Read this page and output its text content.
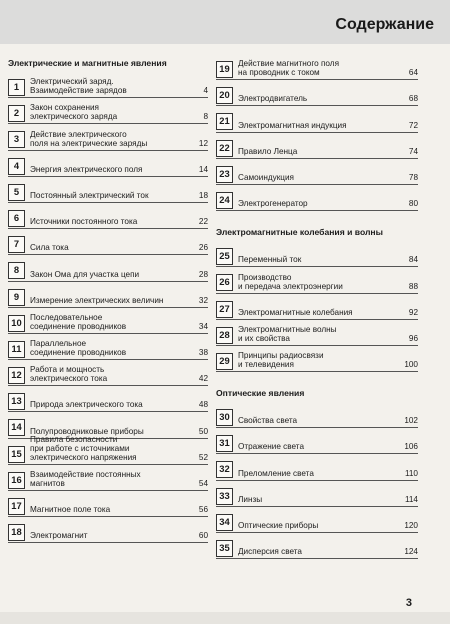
Содержание
Электрические и магнитные явления
1	Электрический заряд.
Взаимодействие зарядов	4
2	Закон сохранения
электрического заряда	8
3	Действие электрического
поля на электрические заряды	12
4	Энергия электрического поля	14
5	Постоянный электрический ток	18
6	Источники постоянного тока	22
7	Сила тока	26
8	Закон Ома для участка цепи	28
9	Измерение электрических величин	32
10	Последовательное
соединение проводников	34
11	Параллельное
соединение проводников	38
12	Работа и мощность
электрического тока	42
13	Природа электрического тока	48
14	Полупроводниковые приборы	50
15
Правила безопасности
при работе с источниками
электрического напряжения	52
16	Взаимодействие постоянных
магнитов	54
17	Магнитное поле тока	56
18	Электромагнит	60
19	Действие магнитного поля
на проводник с током	64
20	Электродвигатель	68
21	Электромагнитная индукция	72
22	Правило Ленца	74
23	Самоиндукция	78
24	Электрогенератор	80
Электромагнитные колебания и волны
25	Переменный ток	84
26	Производство
и передача электроэнергии	88
27	Электромагнитные колебания	92
28	Электромагнитные волны
и их свойства	96
29	Принципы радиосвязи
и телевидения	100
Оптические явления
30	Свойства света	102
31	Отражение света	106
32	Преломление света	110
33	Линзы	114
34	Оптические приборы	120
35	Дисперсия света	124
3
